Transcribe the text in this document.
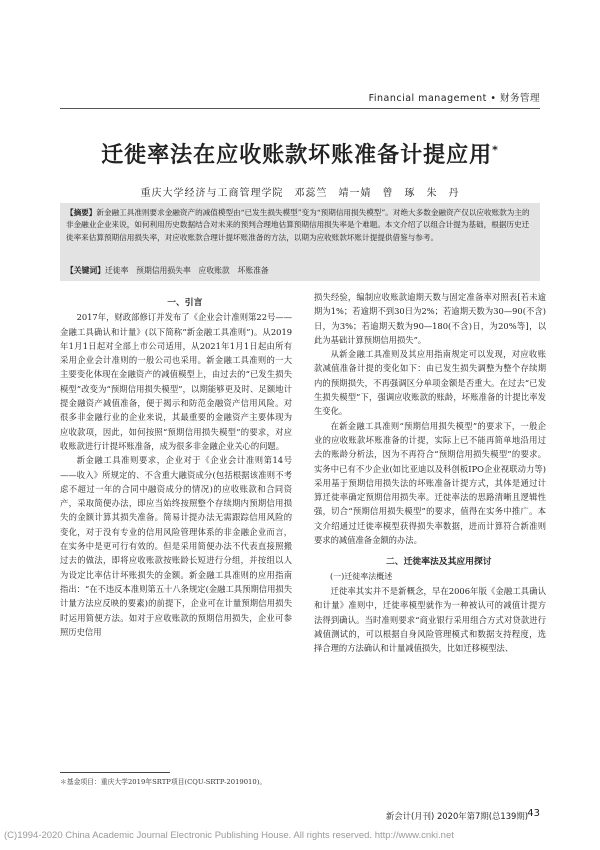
Financial management • 财务管理
迁徙率法在应收账款坏账准备计提应用*
重庆大学经济与工商管理学院　邓蕊竺　靖一婧　曾　琢　朱　丹
【摘要】新金融工具准则要求金融资产的减值模型由“已发生损失模型”变为“预期信用损失模型”。对绝大多数金融资产仅以应收账款为主的非金融业企业来说，如何利用历史数据结合对未来的预判合理地估算预期信用损失率是个难题。本文介绍了以组合计提为基础，根据历史迁徙率来估算预期信用损失率，对应收账款合理计提坏账准备的方法，以期为应收账款坏账计提提供借鉴与参考。
【关键词】迁徙率　预期信用损失率　应收账款　坏账准备

一、引言

2017年，财政部修订并发布了《企业会计准则第22号——金融工具确认和计量》(以下简称“新金融工具准则”)。从2019年1月1日起对全部上市公司适用，从2021年1月1日起由所有采用企业会计准则的一般公司也采用。新金融工具准则的一大主要变化体现在金融资产的减值模型上，由过去的“已发生损失模型”改变为“预期信用损失模型”，以期能够更及时、足额地计提金融资产减值准备，便于揭示和防范金融资产信用风险。对很多非金融行业的企业来说，其最重要的金融资产主要体现为应收款项，因此，如何按照“预期信用损失模型”的要求，对应收账款进行计提坏账准备，成为很多非金融企业关心的问题。

新金融工具准则要求，企业对于《企业会计准则第14号——收入》所规定的、不含重大融资成分(包括根据该准则不考虑不超过一年的合同中融资成分的情况)的应收账款和合同资产，采取简便办法，即应当始终按照整个存续期内预期信用损失的金额计算其损失准备。简易计提办法无需跟踪信用风险的变化，对于没有专业的信用风险管理体系的非金融企业而言，在实务中是更可行有效的。但是采用简便办法不代表直接照搬过去的做法，即将应收账款按账龄长短进行分组，并按组以人为设定比率估计坏账损失的金额。新金融工具准则的应用指南指出：“在不违反本准则第五十八条规定(金融工具预期信用损失计量方法应反映的要素)的前提下，企业可在计量预期信用损失时运用简便方法。如对于应收账款的预期信用损失，企业可参照历史信用

损失经验，编制应收账款逾期天数与固定准备率对照表[若未逾期为1%；若逾期不到30日为2%；若逾期天数为30—90(不含)日，为3%；若逾期天数为90—180(不含)日，为20%等]，以此为基础计算预期信用损失”。

从新金融工具准则及其应用指南规定可以发现，对应收账款减值准备计提的变化如下：由已发生损失调整为整个存续期内的预期损失，不再强调区分单项金额是否重大。在过去“已发生损失模型”下，强调应收账款的账龄，坏账准备的计提比率发生变化。

在新金融工具准则“预期信用损失模型”的要求下，一般企业的应收账款坏账准备的计提，实际上已不能再简单地沿用过去的账龄分析法，因为不再符合“预期信用损失模型”的要求。实务中已有不少企业(如比亚迪以及科创板IPO企业视联动力等)采用基于预期信用损失法的坏账准备计提方式，其体是通过计算迁徙率确定预期信用损失率。迁徙率法的思路清晰且逻辑性强，切合“预期信用损失模型”的要求，值得在实务中推广。本文介绍通过迁徙率模型获得损失率数据，进而计算符合新准则要求的减值准备金额的办法。

二、迁徙率法及其应用探讨

(一)迁徙率法概述

迁徙率其实并不是新概念，早在2006年版《金融工具确认和计量》准则中，迁徙率模型就作为一种被认可的减值计提方法得到确认。当时准则要求“商业银行采用组合方式对贷款进行减值测试的，可以根据自身风险管理模式和数据支持程度，选择合理的方法确认和计量减值损失，比如迁移模型法、

＊基金项目：重庆大学2019年SRTP项目(CQU-SRTP-2019010)。
新会计(月刊) 2020年第7期(总139期) 43
(C)1994-2020 China Academic Journal Electronic Publishing House. All rights reserved. http://www.cnki.net
